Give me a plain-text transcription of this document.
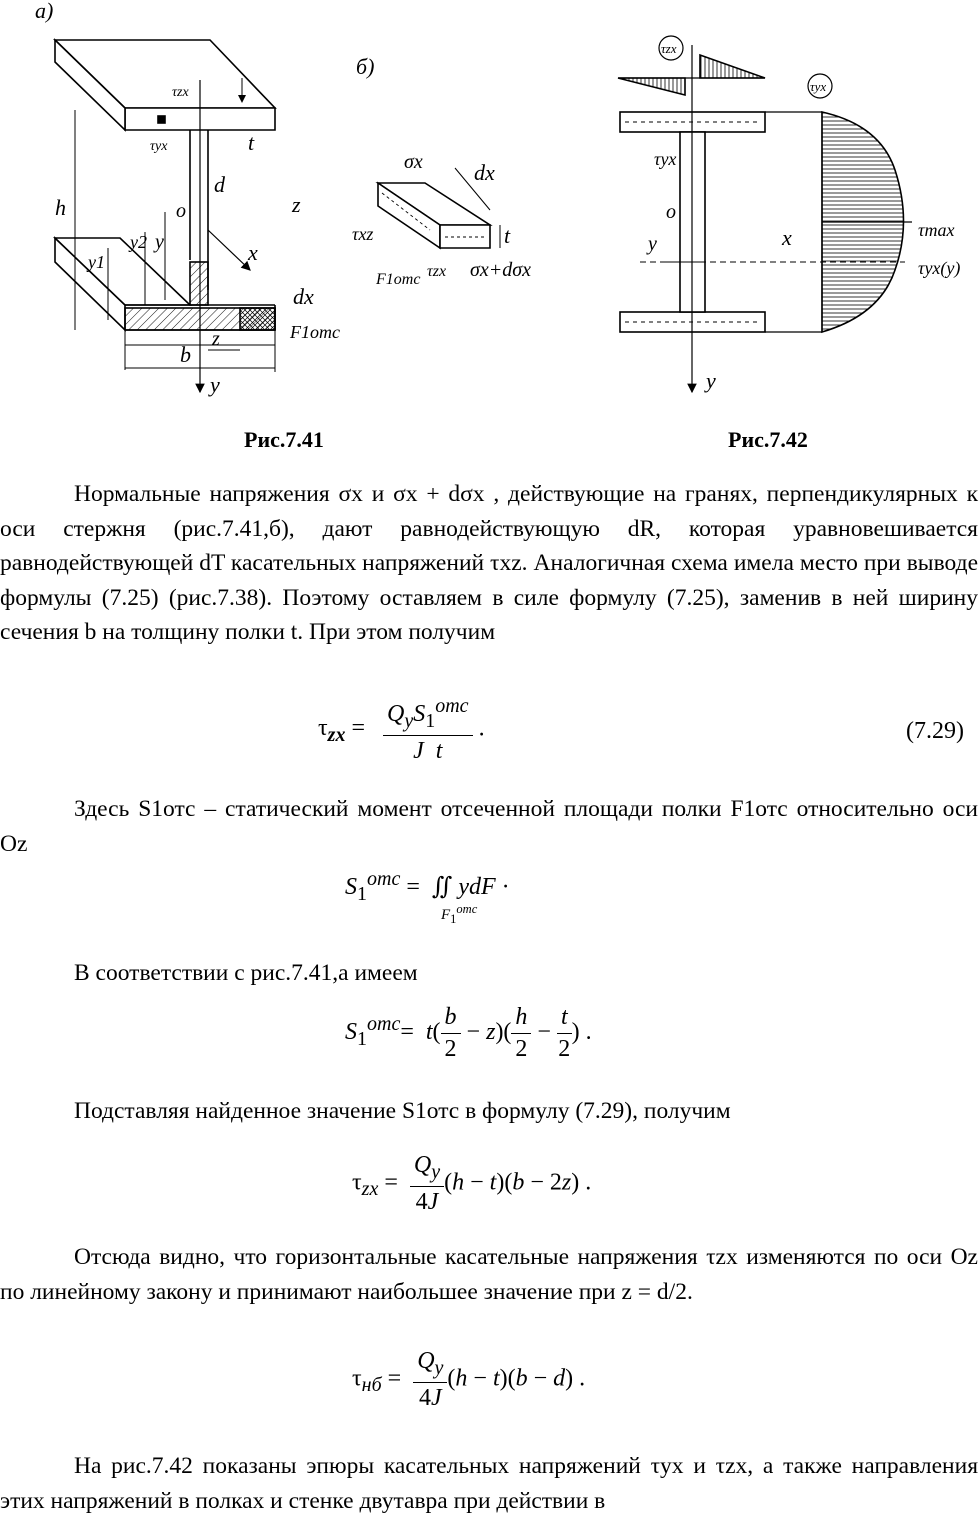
а)
б)
τzx
τyx	t
d
h
y2
y1
y
o	z
x
dx
b
z
y
F1отс
σx dx
τxz	t
F1отс τzx σx+dσx
τzx
τyx
τyx
o
y	x
y
τmax
τyx(y)
Рис.7.41	Рис.7.42
Нормальные напряжения σx и σx + dσx , действующие на гранях, перпендикулярных к оси стержня (рис.7.41,б), дают равнодействующую dR, которая уравновешивается равнодействующей dT касательных напряжений τxz. Аналогичная схема имела место при выводе формулы (7.25) (рис.7.38). Поэтому оставляем в силе формулу (7.25), заменив в ней ширину сечения b на толщину полки t. При этом получим
$\tau_{zx} = \frac{Q_yS_1^{отс}}{\text{J  t}}$ .	(7.29)
Здесь S1отс – статический момент отсеченной площади полки F1отс относительно оси Oz
$S_1^{отс}$ =  ∬ ydF ·
$F_1^{отс}$
В соответствии с рис.7.41,а имеем
$S_1^{отс}= t( \frac{b}{2} - z)( \frac{h}{2} - \frac{t}{2}$ ) .
Подставляя найденное значение S1отс в формулу (7.29), получим
$\tau_{zx} = \frac{Q_y}{4J} (h - t)(b - 2z)$ .
Отсюда видно, что горизонтальные касательные напряжения τzx изменяются по оси Oz по линейному закону и принимают наибольшее значение при z = d/2.
$\tau_{нб} = \frac{Q_y}{4J} (h - t)(b - d)$ .
На рис.7.42 показаны эпюры касательных напряжений τyx и τzx, а также направления этих напряжений в полках и стенке двутавра при действии в
